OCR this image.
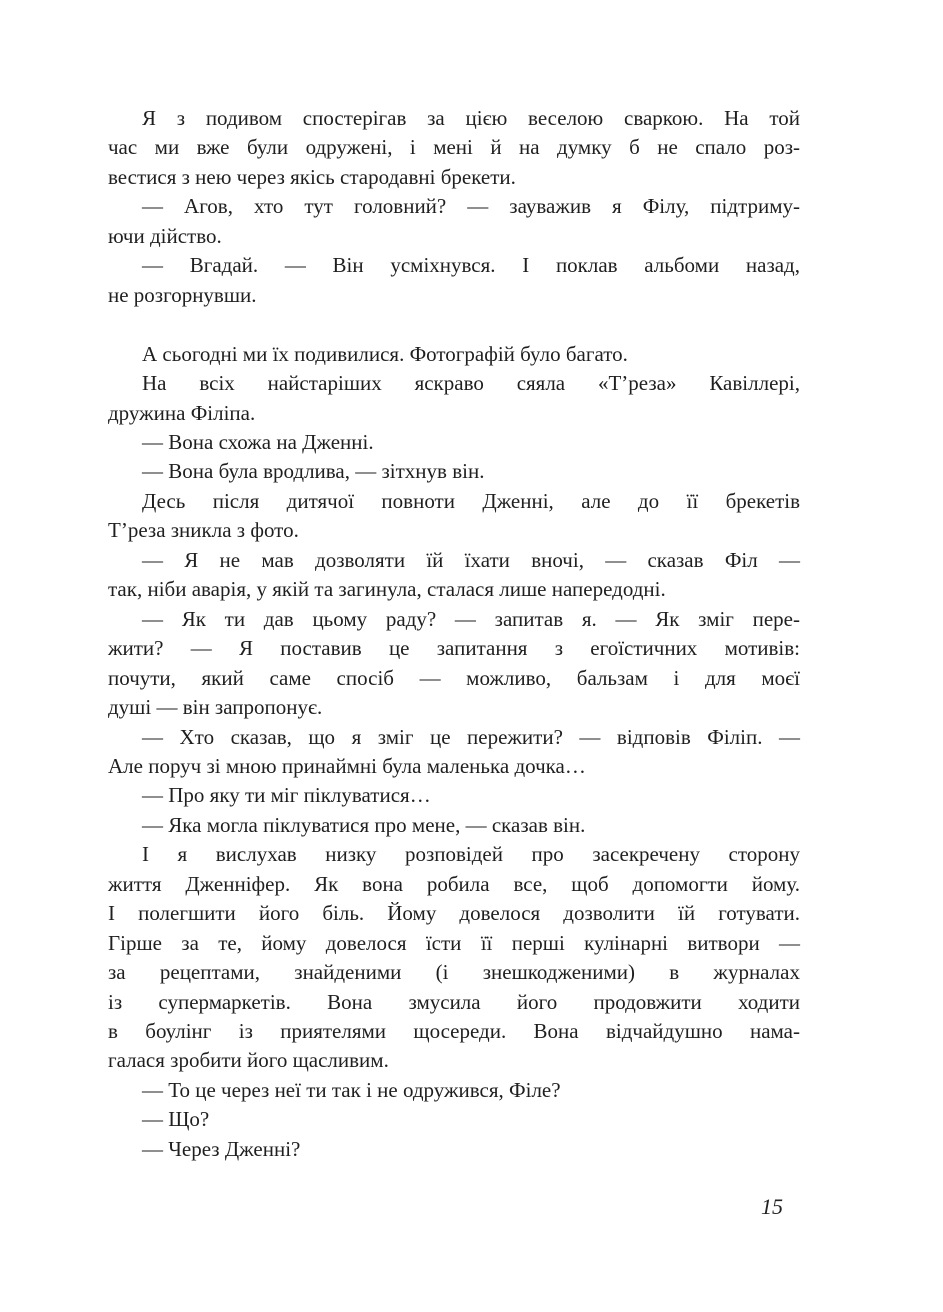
Я з подивом спостерігав за цією веселою сваркою. На той
час ми вже були одружені, і мені й на думку б не спало роз-
вестися з нею через якісь стародавні брекети.
— Агов, хто тут головний? — зауважив я Філу, підтриму-
ючи дійство.
— Вгадай. — Він усміхнувся. І поклав альбоми назад,
не розгорнувши.
А сьогодні ми їх подивилися. Фотографій було багато.
На всіх найстаріших яскраво сяяла «Т’реза» Кавіллері,
дружина Філіпа.
— Вона схожа на Дженні.
— Вона була вродлива, — зітхнув він.
Десь після дитячої повноти Дженні, але до її брекетів
Т’реза зникла з фото.
— Я не мав дозволяти їй їхати вночі, — сказав Філ —
так, ніби аварія, у якій та загинула, сталася лише напередодні.
— Як ти дав цьому раду? — запитав я. — Як зміг пере-
жити? — Я поставив це запитання з егоїстичних мотивів:
почути, який саме спосіб — можливо, бальзам і для моєї
душі — він запропонує.
— Хто сказав, що я зміг це пережити? — відповів Філіп. —
Але поруч зі мною принаймні була маленька дочка…
— Про яку ти міг піклуватися…
— Яка могла піклуватися про мене, — сказав він.
І я вислухав низку розповідей про засекречену сторону
життя Дженніфер. Як вона робила все, щоб допомогти йому.
І полегшити його біль. Йому довелося дозволити їй готувати.
Гірше за те, йому довелося їсти її перші кулінарні витвори —
за рецептами, знайденими (і знешкодженими) в журналах
із супермаркетів. Вона змусила його продовжити ходити
в боулінг із приятелями щосереди. Вона відчайдушно нама-
галася зробити його щасливим.
— То це через неї ти так і не одружився, Філе?
— Що?
— Через Дженні?
15
